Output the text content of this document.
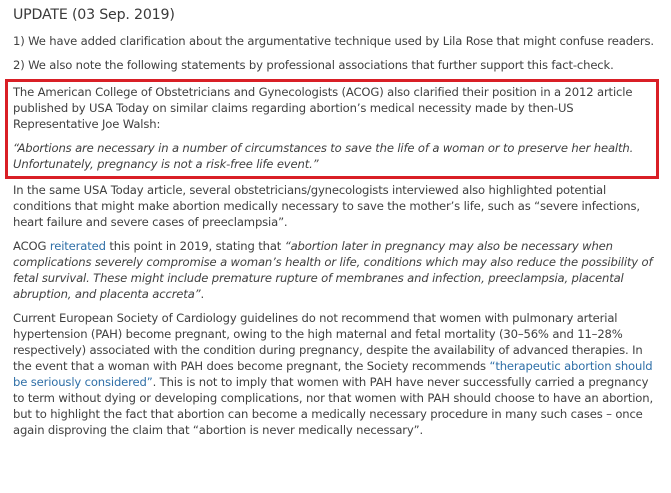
UPDATE (03 Sep. 2019)

1) We have added clarification about the argumentative technique used by Lila Rose that might confuse readers.

2) We also note the following statements by professional associations that further support this fact-check.

The American College of Obstetricians and Gynecologists (ACOG) also clarified their position in a 2012 article published by USA Today on similar claims regarding abortion’s medical necessity made by then-US Representative Joe Walsh:

“Abortions are necessary in a number of circumstances to save the life of a woman or to preserve her health. Unfortunately, pregnancy is not a risk-free life event.”

In the same USA Today article, several obstetricians/gynecologists interviewed also highlighted potential conditions that might make abortion medically necessary to save the mother’s life, such as “severe infections, heart failure and severe cases of preeclampsia”.

ACOG reiterated this point in 2019, stating that “abortion later in pregnancy may also be necessary when complications severely compromise a woman’s health or life, conditions which may also reduce the possibility of fetal survival. These might include premature rupture of membranes and infection, preeclampsia, placental abruption, and placenta accreta”.

Current European Society of Cardiology guidelines do not recommend that women with pulmonary arterial hypertension (PAH) become pregnant, owing to the high maternal and fetal mortality (30–56% and 11–28% respectively) associated with the condition during pregnancy, despite the availability of advanced therapies. In the event that a woman with PAH does become pregnant, the Society recommends “therapeutic abortion should be seriously considered”. This is not to imply that women with PAH have never successfully carried a pregnancy to term without dying or developing complications, nor that women with PAH should choose to have an abortion, but to highlight the fact that abortion can become a medically necessary procedure in many such cases – once again disproving the claim that “abortion is never medically necessary”.
